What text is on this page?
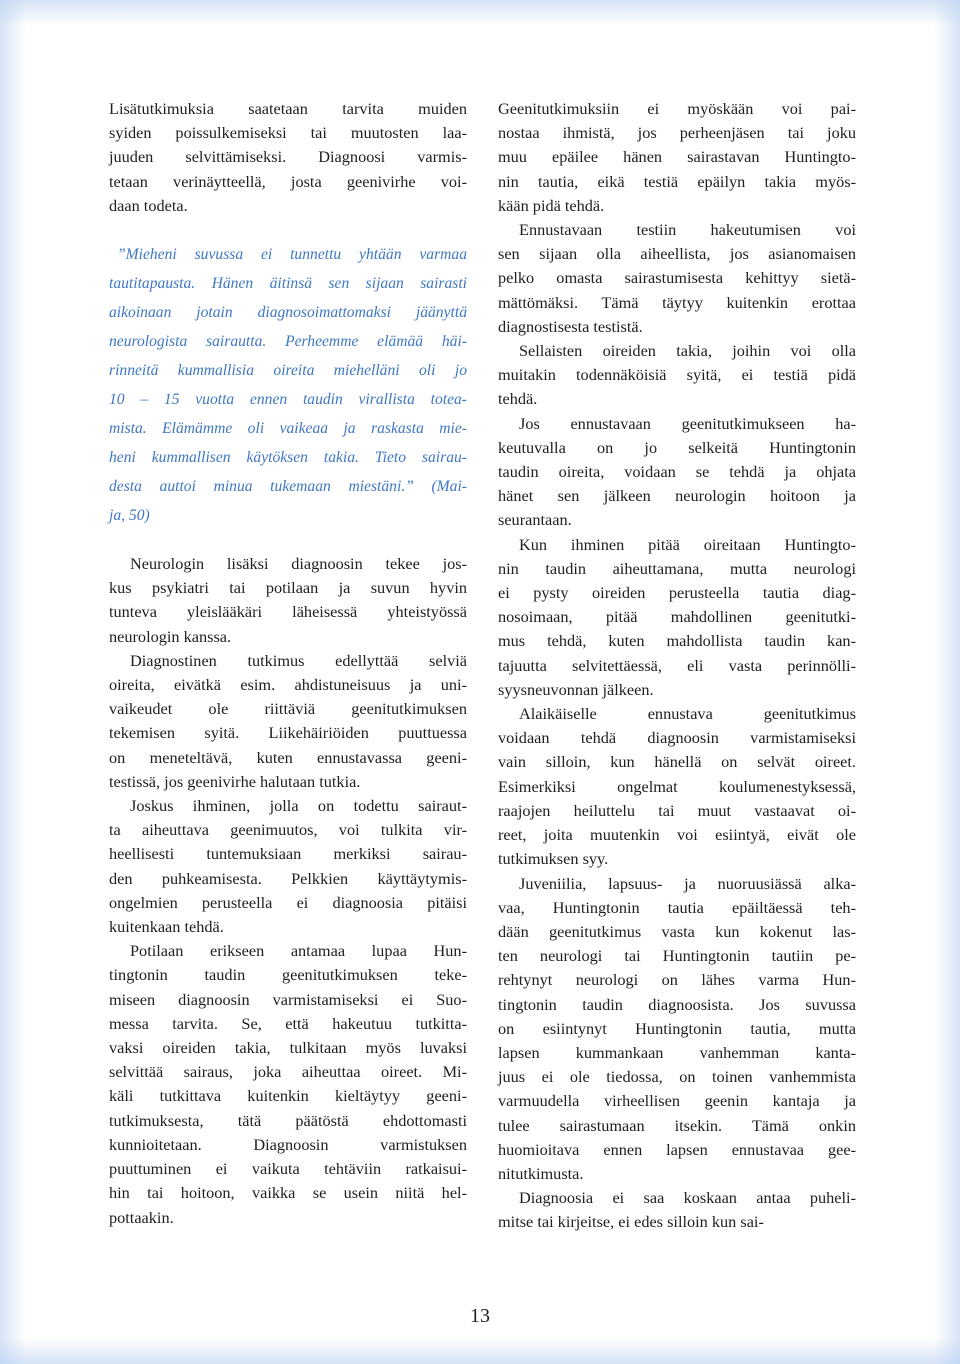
Lisätutkimuksia saatetaan tarvita muiden
syiden poissulkemiseksi tai muutosten laa-
juuden selvittämiseksi. Diagnoosi varmis-
tetaan verinäytteellä, josta geenivirhe voi-
daan todeta.

”Mieheni suvussa ei tunnettu yhtään varmaa
tautitapausta. Hänen äitinsä sen sijaan sairasti
aikoinaan jotain diagnosoimattomaksi jäänyttä
neurologista sairautta. Perheemme elämää häi-
rinneitä kummallisia oireita miehelläni oli jo
10 – 15 vuotta ennen taudin virallista totea-
mista. Elämämme oli vaikeaa ja raskasta mie-
heni kummallisen käytöksen takia. Tieto sairau-
desta auttoi minua tukemaan miestäni.” (Mai-
ja, 50)

Neurologin lisäksi diagnoosin tekee jos-
kus psykiatri tai potilaan ja suvun hyvin
tunteva yleislääkäri läheisessä yhteistyössä
neurologin kanssa.

Diagnostinen tutkimus edellyttää selviä
oireita, eivätkä esim. ahdistuneisuus ja uni-
vaikeudet ole riittäviä geenitutkimuksen
tekemisen syitä. Liikehäiriöiden puuttuessa
on meneteltävä, kuten ennustavassa geeni-
testissä, jos geenivirhe halutaan tutkia.

Joskus ihminen, jolla on todettu sairaut-
ta aiheuttava geenimuutos, voi tulkita vir-
heellisesti tuntemuksiaan merkiksi sairau-
den puhkeamisesta. Pelkkien käyttäytymis-
ongelmien perusteella ei diagnoosia pitäisi
kuitenkaan tehdä.

Potilaan erikseen antamaa lupaa Hun-
tingtonin taudin geenitutkimuksen teke-
miseen diagnoosin varmistamiseksi ei Suo-
messa tarvita. Se, että hakeutuu tutkitta-
vaksi oireiden takia, tulkitaan myös luvaksi
selvittää sairaus, joka aiheuttaa oireet. Mi-
käli tutkittava kuitenkin kieltäytyy geeni-
tutkimuksesta, tätä päätöstä ehdottomasti
kunnioitetaan. Diagnoosin varmistuksen
puuttuminen ei vaikuta tehtäviin ratkaisui-
hin tai hoitoon, vaikka se usein niitä hel-
pottaakin.

Geenitutkimuksiin ei myöskään voi pai-
nostaa ihmistä, jos perheenjäsen tai joku
muu epäilee hänen sairastavan Huntingto-
nin tautia, eikä testiä epäilyn takia myös-
kään pidä tehdä.

Ennustavaan testiin hakeutumisen voi
sen sijaan olla aiheellista, jos asianomaisen
pelko omasta sairastumisesta kehittyy sietä-
mättömäksi. Tämä täytyy kuitenkin erottaa
diagnostisesta testistä.

Sellaisten oireiden takia, joihin voi olla
muitakin todennäköisiä syitä, ei testiä pidä
tehdä.

Jos ennustavaan geenitutkimukseen ha-
keutuvalla on jo selkeitä Huntingtonin
taudin oireita, voidaan se tehdä ja ohjata
hänet sen jälkeen neurologin hoitoon ja
seurantaan.

Kun ihminen pitää oireitaan Huntingto-
nin taudin aiheuttamana, mutta neurologi
ei pysty oireiden perusteella tautia diag-
nosoimaan, pitää mahdollinen geenitutki-
mus tehdä, kuten mahdollista taudin kan-
tajuutta selvitettäessä, eli vasta perinnölli-
syysneuvonnan jälkeen.

Alaikäiselle ennustava geenitutkimus
voidaan tehdä diagnoosin varmistamiseksi
vain silloin, kun hänellä on selvät oireet.
Esimerkiksi ongelmat koulumenestyksessä,
raajojen heiluttelu tai muut vastaavat oi-
reet, joita muutenkin voi esiintyä, eivät ole
tutkimuksen syy.

Juveniilia, lapsuus- ja nuoruusiässä alka-
vaa, Huntingtonin tautia epäiltäessä teh-
dään geenitutkimus vasta kun kokenut las-
ten neurologi tai Huntingtonin tautiin pe-
rehtynyt neurologi on lähes varma Hun-
tingtonin taudin diagnoosista. Jos suvussa
on esiintynyt Huntingtonin tautia, mutta
lapsen kummankaan vanhemman kanta-
juus ei ole tiedossa, on toinen vanhemmista
varmuudella virheellisen geenin kantaja ja
tulee sairastumaan itsekin. Tämä onkin
huomioitava ennen lapsen ennustavaa gee-
nitutkimusta.

Diagnoosia ei saa koskaan antaa puheli-
mitse tai kirjeitse, ei edes silloin kun sai-

13
